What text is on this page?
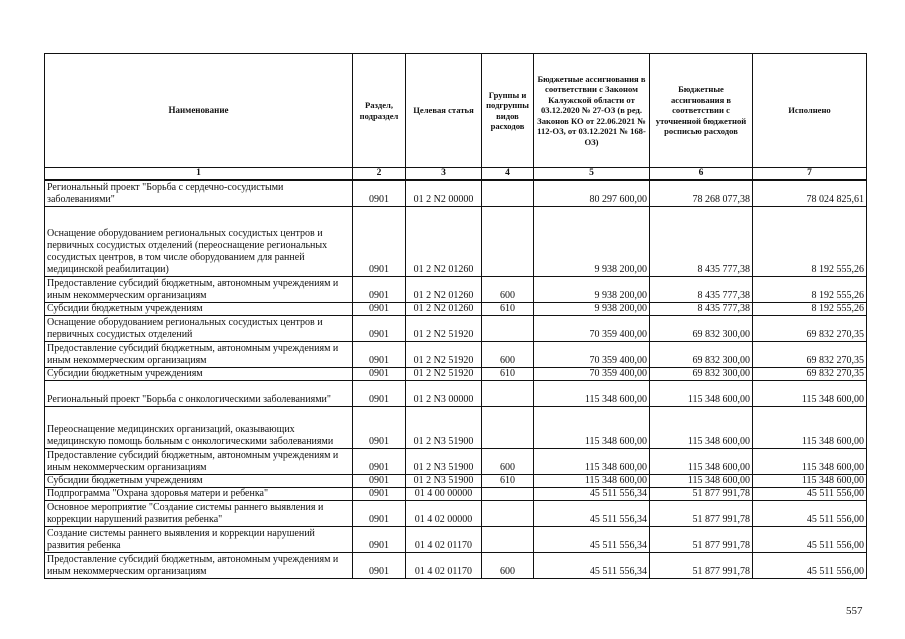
Наименование	Раздел, подраздел	Целевая статья	Группы и подгруппы видов расходов	Бюджетные ассигнования в соответствии с Законом Калужской области от 03.12.2020 № 27-ОЗ (в ред. Законов КО от 22.06.2021 № 112-ОЗ, от 03.12.2021 № 168-ОЗ)	Бюджетные ассигнования в соответствии с уточненной бюджетной росписью расходов	Исполнено
1	2	3	4	5	6	7
Региональный проект "Борьба с сердечно-сосудистыми заболеваниями"	0901	01 2 N2 00000		80 297 600,00	78 268 077,38	78 024 825,61
Оснащение оборудованием региональных сосудистых центров и первичных сосудистых отделений (переоснащение региональных сосудистых центров, в том числе оборудованием для ранней медицинской реабилитации)	0901	01 2 N2 01260		9 938 200,00	8 435 777,38	8 192 555,26
Предоставление субсидий бюджетным, автономным учреждениям и иным некоммерческим организациям	0901	01 2 N2 01260	600	9 938 200,00	8 435 777,38	8 192 555,26
Субсидии бюджетным учреждениям	0901	01 2 N2 01260	610	9 938 200,00	8 435 777,38	8 192 555,26
Оснащение оборудованием региональных сосудистых центров и первичных сосудистых отделений	0901	01 2 N2 51920		70 359 400,00	69 832 300,00	69 832 270,35
Предоставление субсидий бюджетным, автономным учреждениям и иным некоммерческим организациям	0901	01 2 N2 51920	600	70 359 400,00	69 832 300,00	69 832 270,35
Субсидии бюджетным учреждениям	0901	01 2 N2 51920	610	70 359 400,00	69 832 300,00	69 832 270,35
Региональный проект "Борьба с онкологическими заболеваниями"	0901	01 2 N3 00000		115 348 600,00	115 348 600,00	115 348 600,00
Переоснащение медицинских организаций, оказывающих медицинскую помощь больным с онкологическими заболеваниями	0901	01 2 N3 51900		115 348 600,00	115 348 600,00	115 348 600,00
Предоставление субсидий бюджетным, автономным учреждениям и иным некоммерческим организациям	0901	01 2 N3 51900	600	115 348 600,00	115 348 600,00	115 348 600,00
Субсидии бюджетным учреждениям	0901	01 2 N3 51900	610	115 348 600,00	115 348 600,00	115 348 600,00
Подпрограмма "Охрана здоровья матери и ребенка"	0901	01 4 00 00000		45 511 556,34	51 877 991,78	45 511 556,00
Основное мероприятие "Создание системы раннего выявления и коррекции нарушений развития ребенка"	0901	01 4 02 00000		45 511 556,34	51 877 991,78	45 511 556,00
Создание системы раннего выявления и коррекции нарушений развития ребенка	0901	01 4 02 01170		45 511 556,34	51 877 991,78	45 511 556,00
Предоставление субсидий бюджетным, автономным учреждениям и иным некоммерческим организациям	0901	01 4 02 01170	600	45 511 556,34	51 877 991,78	45 511 556,00
557
